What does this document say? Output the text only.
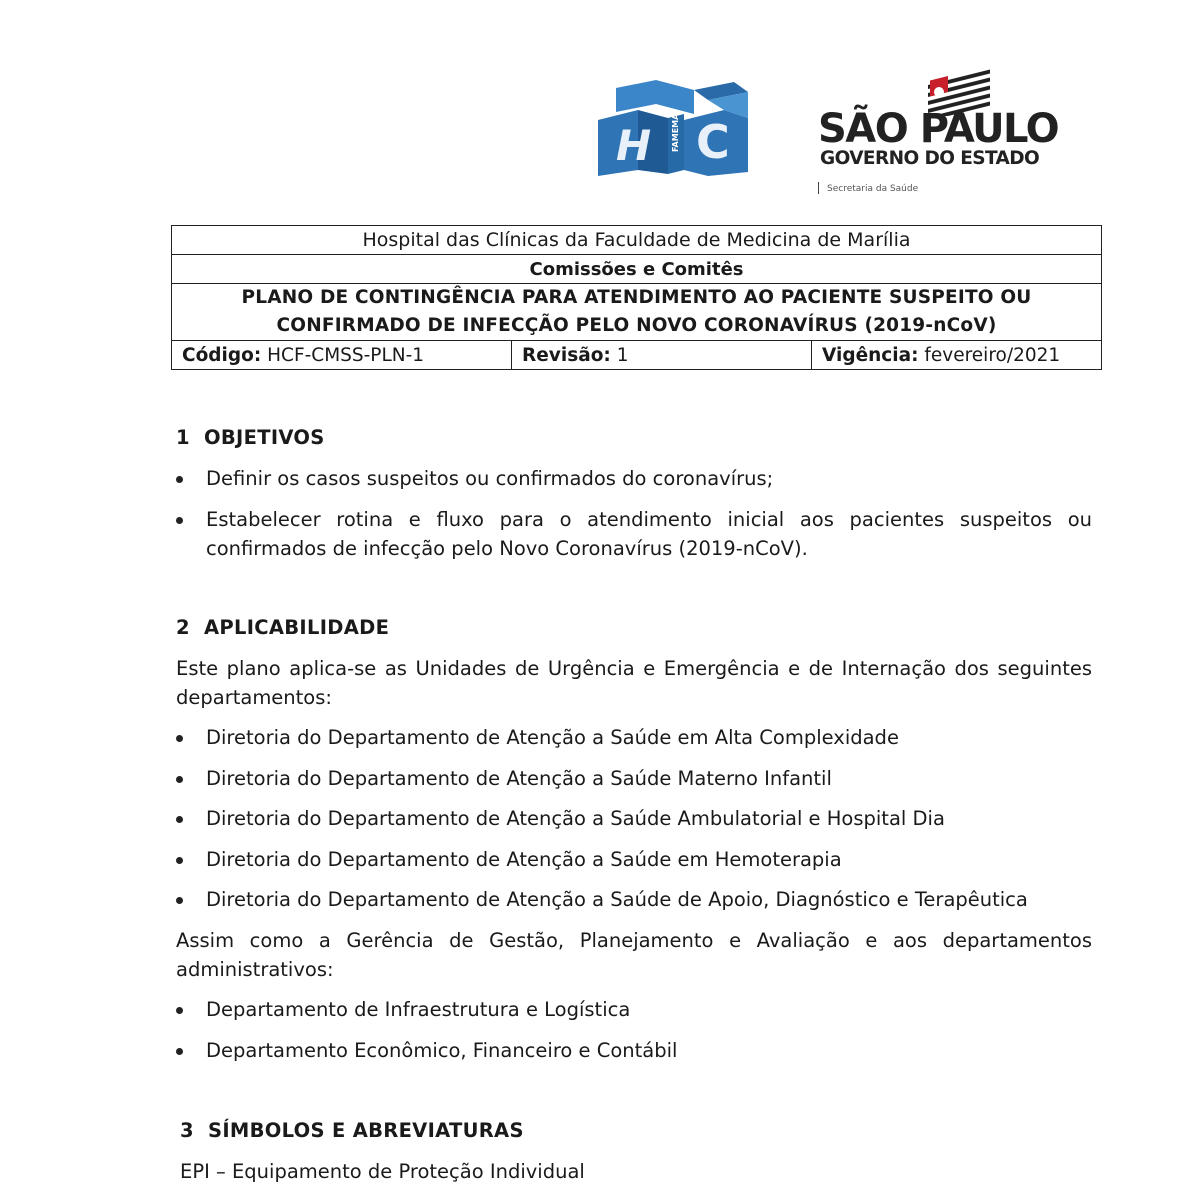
H C
FAMEMA	SÃO PAULO
GOVERNO DO ESTADO
Secretaria da Saúde
Hospital das Clínicas da Faculdade de Medicina de Marília
Comissões e Comitês

PLANO DE CONTINGÊNCIA PARA ATENDIMENTO AO PACIENTE SUSPEITO OU
CONFIRMADO DE INFECÇÃO PELO NOVO CORONAVÍRUS (2019-nCoV)

Código: HCF-CMSS-PLN-1	Revisão: 1	Vigência: fevereiro/2021
1 OBJETIVOS
Definir os casos suspeitos ou confirmados do coronavírus;
Estabelecer rotina e fluxo para o atendimento inicial aos pacientes suspeitos ou confirmados de infecção pelo Novo Coronavírus (2019-nCoV).
2 APLICABILIDADE
Este plano aplica-se as Unidades de Urgência e Emergência e de Internação dos seguintes departamentos:
Diretoria do Departamento de Atenção a Saúde em Alta Complexidade
Diretoria do Departamento de Atenção a Saúde Materno Infantil
Diretoria do Departamento de Atenção a Saúde Ambulatorial e Hospital Dia
Diretoria do Departamento de Atenção a Saúde em Hemoterapia
Diretoria do Departamento de Atenção a Saúde de Apoio, Diagnóstico e Terapêutica
Assim como a Gerência de Gestão, Planejamento e Avaliação e aos departamentos administrativos:
Departamento de Infraestrutura e Logística
Departamento Econômico, Financeiro e Contábil
3 SÍMBOLOS E ABREVIATURAS
EPI – Equipamento de Proteção Individual
